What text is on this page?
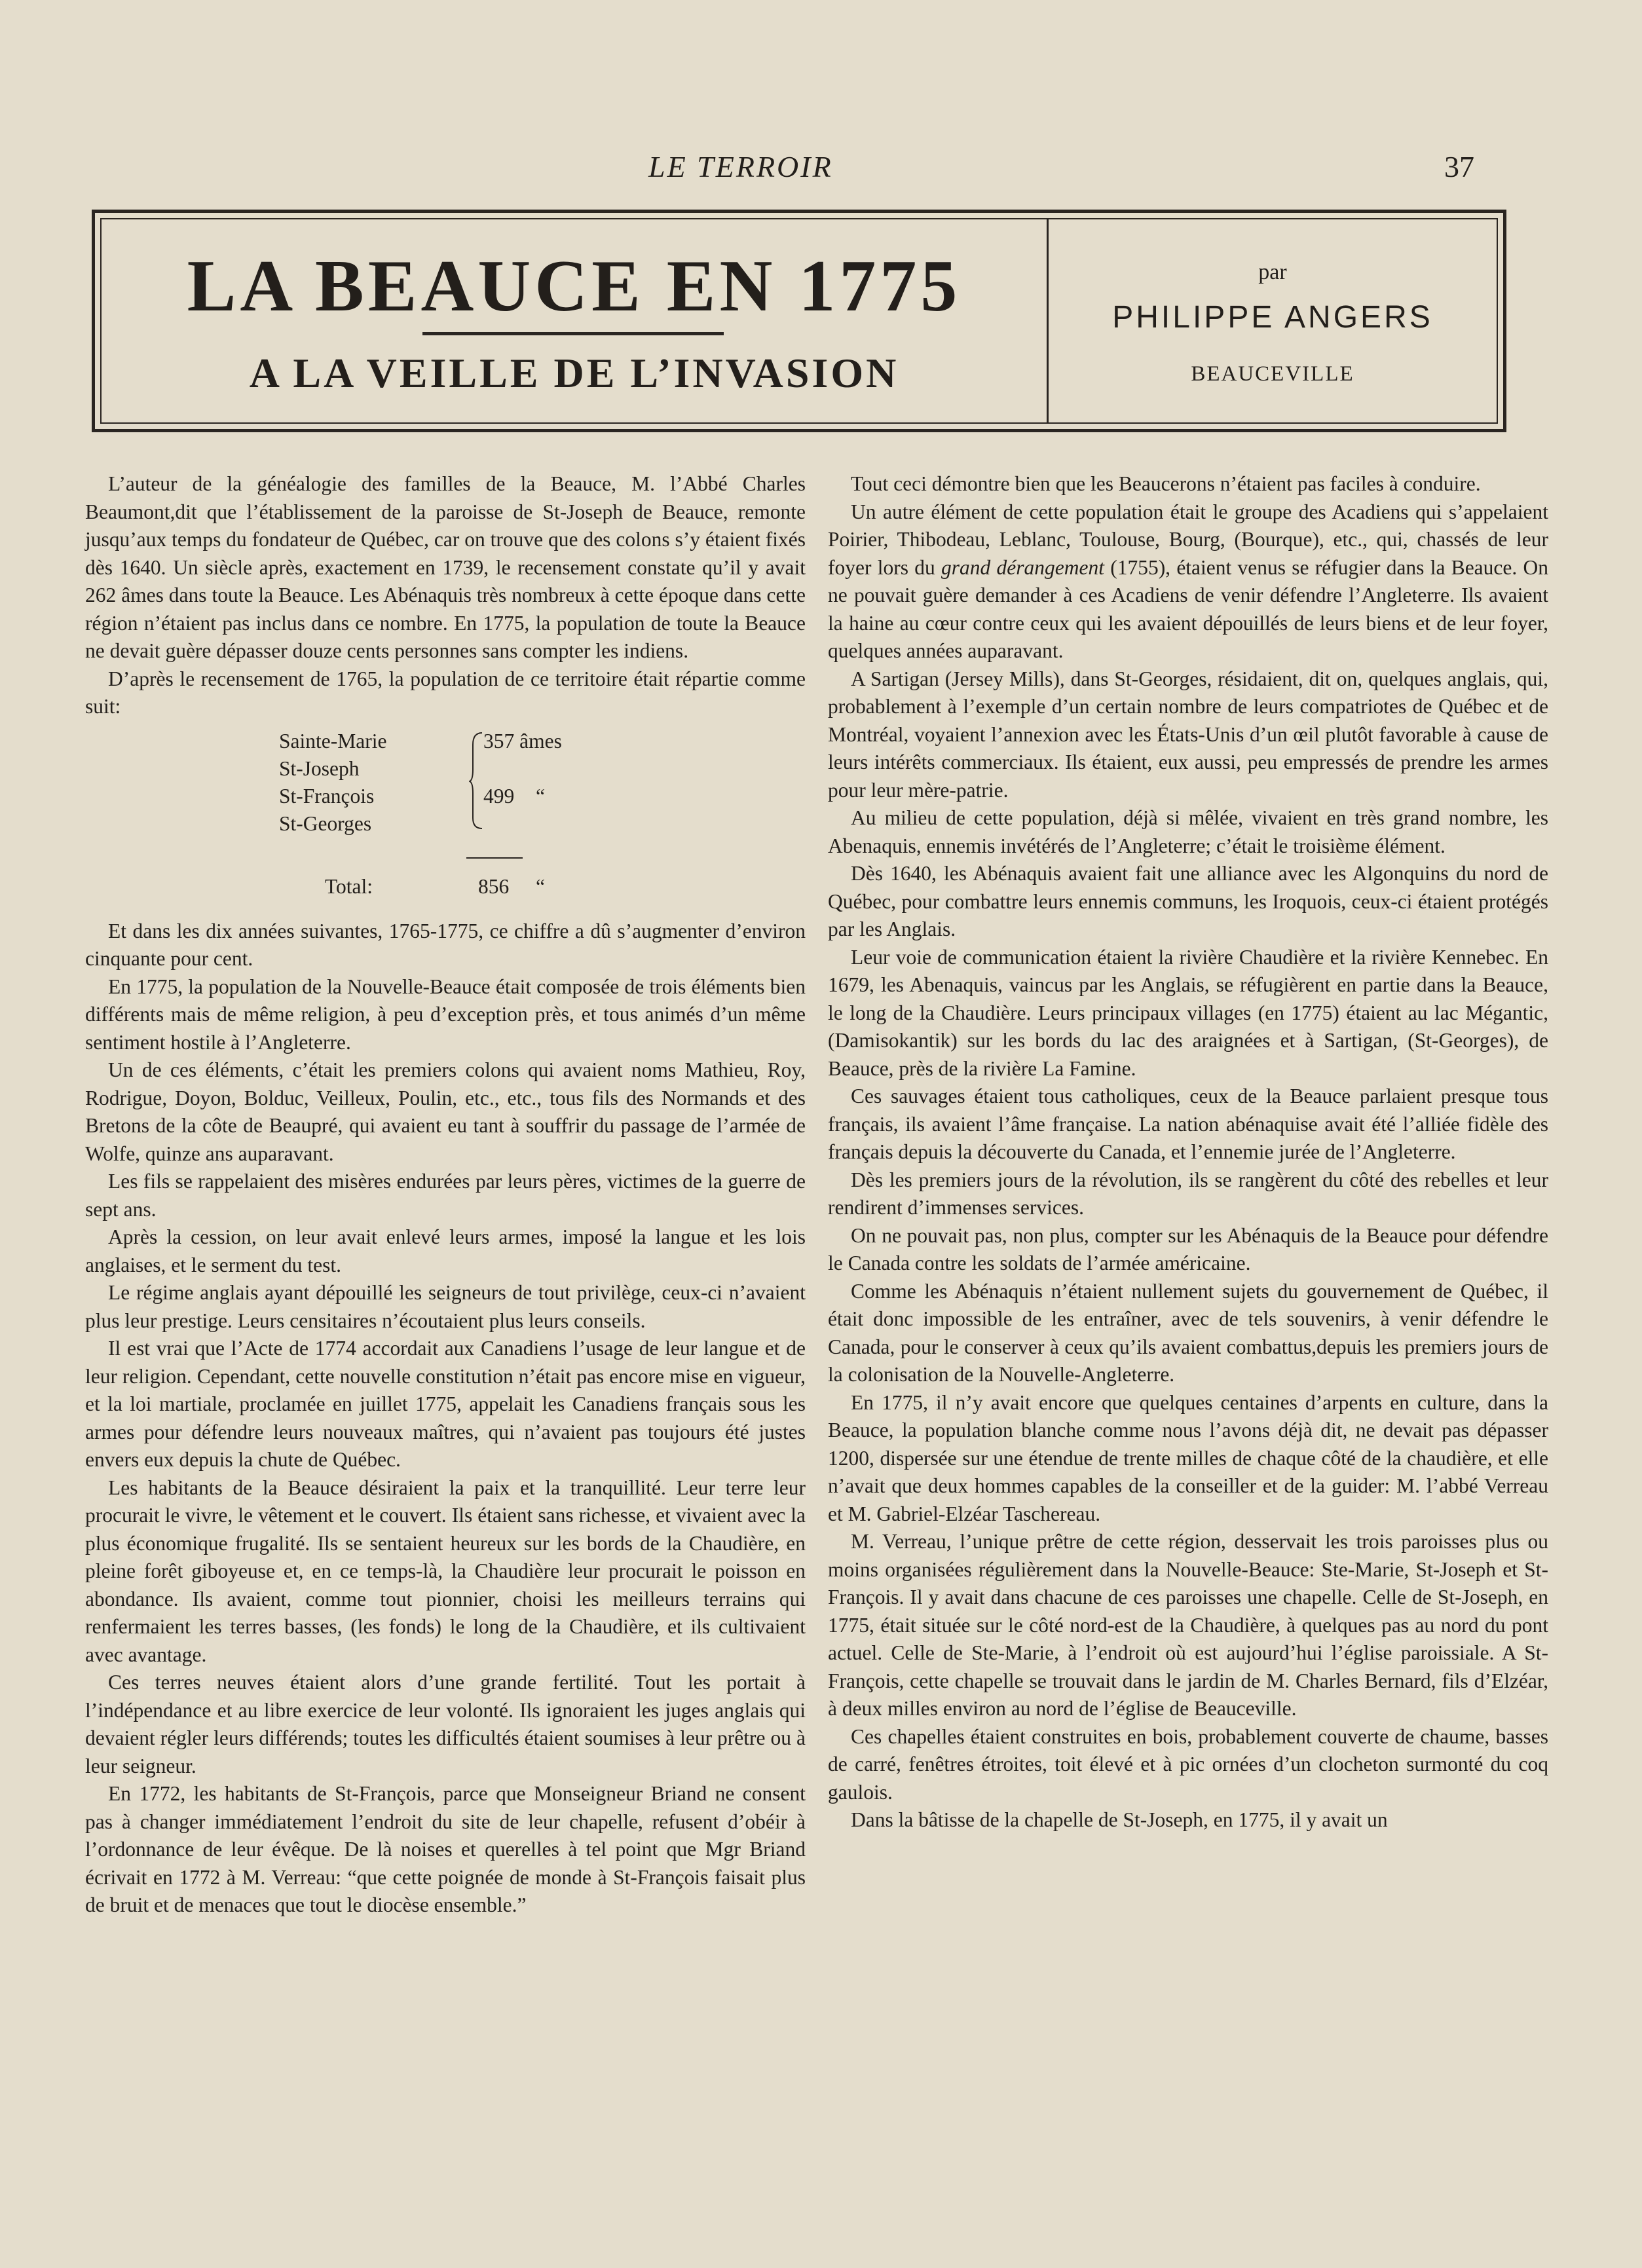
LE TERROIR	37
LA BEAUCE EN 1775
A LA VEILLE DE L’INVASION
par
PHILIPPE ANGERS
BEAUCEVILLE

L’auteur de la généalogie des familles de la Beauce, M. l’Abbé Charles Beaumont,dit que l’établissement de la paroisse de St-Joseph de Beauce, remonte jusqu’aux temps du fondateur de Québec, car on trouve que des colons s’y étaient fixés dès 1640. Un siècle après, exactement en 1739, le recensement constate qu’il y avait 262 âmes dans toute la Beauce. Les Abénaquis très nombreux à cette époque dans cette région n’étaient pas inclus dans ce nombre. En 1775, la population de toute la Beauce ne devait guère dépasser douze cents personnes sans compter les indiens.

D’après le recensement de 1765, la population de ce territoire était répartie comme suit:

Sainte-Marie
St-Joseph
St-François
St-Georges
357 âmes
499 “
Total:	856 “

Et dans les dix années suivantes, 1765-1775, ce chiffre a dû s’augmenter d’environ cinquante pour cent.

En 1775, la population de la Nouvelle-Beauce était composée de trois éléments bien différents mais de même religion, à peu d’exception près, et tous animés d’un même sentiment hostile à l’Angleterre.

Un de ces éléments, c’était les premiers colons qui avaient noms Mathieu, Roy, Rodrigue, Doyon, Bolduc, Veilleux, Poulin, etc., etc., tous fils des Normands et des Bretons de la côte de Beaupré, qui avaient eu tant à souffrir du passage de l’armée de Wolfe, quinze ans auparavant.

Les fils se rappelaient des misères endurées par leurs pères, victimes de la guerre de sept ans.

Après la cession, on leur avait enlevé leurs armes, imposé la langue et les lois anglaises, et le serment du test.

Le régime anglais ayant dépouillé les seigneurs de tout privilège, ceux-ci n’avaient plus leur prestige. Leurs censitaires n’écoutaient plus leurs conseils.

Il est vrai que l’Acte de 1774 accordait aux Canadiens l’usage de leur langue et de leur religion. Cependant, cette nouvelle constitution n’était pas encore mise en vigueur, et la loi martiale, proclamée en juillet 1775, appelait les Canadiens français sous les armes pour défendre leurs nouveaux maîtres, qui n’avaient pas toujours été justes envers eux depuis la chute de Québec.

Les habitants de la Beauce désiraient la paix et la tranquillité. Leur terre leur procurait le vivre, le vêtement et le couvert. Ils étaient sans richesse, et vivaient avec la plus économique frugalité. Ils se sentaient heureux sur les bords de la Chaudière, en pleine forêt giboyeuse et, en ce temps-là, la Chaudière leur procurait le poisson en abondance. Ils avaient, comme tout pionnier, choisi les meilleurs terrains qui renfermaient les terres basses, (les fonds) le long de la Chaudière, et ils cultivaient avec avantage.

Ces terres neuves étaient alors d’une grande fertilité. Tout les portait à l’indépendance et au libre exercice de leur volonté. Ils ignoraient les juges anglais qui devaient régler leurs différends; toutes les difficultés étaient soumises à leur prêtre ou à leur seigneur.

En 1772, les habitants de St-François, parce que Monseigneur Briand ne consent pas à changer immédiatement l’endroit du site de leur chapelle, refusent d’obéir à l’ordonnance de leur évêque. De là noises et querelles à tel point que Mgr Briand écrivait en 1772 à M. Verreau: “que cette poignée de monde à St-François faisait plus de bruit et de menaces que tout le diocèse ensemble.”

Tout ceci démontre bien que les Beaucerons n’étaient pas faciles à conduire.

Un autre élément de cette population était le groupe des Acadiens qui s’appelaient Poirier, Thibodeau, Leblanc, Toulouse, Bourg, (Bourque), etc., qui, chassés de leur foyer lors du grand dérangement (1755), étaient venus se réfugier dans la Beauce. On ne pouvait guère demander à ces Acadiens de venir défendre l’Angleterre. Ils avaient la haine au cœur contre ceux qui les avaient dépouillés de leurs biens et de leur foyer, quelques années auparavant.

A Sartigan (Jersey Mills), dans St-Georges, résidaient, dit on, quelques anglais, qui, probablement à l’exemple d’un certain nombre de leurs compatriotes de Québec et de Montréal, voyaient l’annexion avec les États-Unis d’un œil plutôt favorable à cause de leurs intérêts commerciaux. Ils étaient, eux aussi, peu empressés de prendre les armes pour leur mère-patrie.

Au milieu de cette population, déjà si mêlée, vivaient en très grand nombre, les Abenaquis, ennemis invétérés de l’Angleterre; c’était le troisième élément.

Dès 1640, les Abénaquis avaient fait une alliance avec les Algonquins du nord de Québec, pour combattre leurs ennemis communs, les Iroquois, ceux-ci étaient protégés par les Anglais.

Leur voie de communication étaient la rivière Chaudière et la rivière Kennebec. En 1679, les Abenaquis, vaincus par les Anglais, se réfugièrent en partie dans la Beauce, le long de la Chaudière. Leurs principaux villages (en 1775) étaient au lac Mégantic, (Damisokantik) sur les bords du lac des araignées et à Sartigan, (St-Georges), de Beauce, près de la rivière La Famine.

Ces sauvages étaient tous catholiques, ceux de la Beauce parlaient presque tous français, ils avaient l’âme française. La nation abénaquise avait été l’alliée fidèle des français depuis la découverte du Canada, et l’ennemie jurée de l’Angleterre.

Dès les premiers jours de la révolution, ils se rangèrent du côté des rebelles et leur rendirent d’immenses services.

On ne pouvait pas, non plus, compter sur les Abénaquis de la Beauce pour défendre le Canada contre les soldats de l’armée américaine.

Comme les Abénaquis n’étaient nullement sujets du gouvernement de Québec, il était donc impossible de les entraîner, avec de tels souvenirs, à venir défendre le Canada, pour le conserver à ceux qu’ils avaient combattus,depuis les premiers jours de la colonisation de la Nouvelle-Angleterre.

En 1775, il n’y avait encore que quelques centaines d’arpents en culture, dans la Beauce, la population blanche comme nous l’avons déjà dit, ne devait pas dépasser 1200, dispersée sur une étendue de trente milles de chaque côté de la chaudière, et elle n’avait que deux hommes capables de la conseiller et de la guider: M. l’abbé Verreau et M. Gabriel-Elzéar Taschereau.

M. Verreau, l’unique prêtre de cette région, desservait les trois paroisses plus ou moins organisées régulièrement dans la Nouvelle-Beauce: Ste-Marie, St-Joseph et St-François. Il y avait dans chacune de ces paroisses une chapelle. Celle de St-Joseph, en 1775, était située sur le côté nord-est de la Chaudière, à quelques pas au nord du pont actuel. Celle de Ste-Marie, à l’endroit où est aujourd’hui l’église paroissiale. A St-François, cette chapelle se trouvait dans le jardin de M. Charles Bernard, fils d’Elzéar, à deux milles environ au nord de l’église de Beauceville.

Ces chapelles étaient construites en bois, probablement couverte de chaume, basses de carré, fenêtres étroites, toit élevé et à pic ornées d’un clocheton surmonté du coq gaulois.

Dans la bâtisse de la chapelle de St-Joseph, en 1775, il y avait un
